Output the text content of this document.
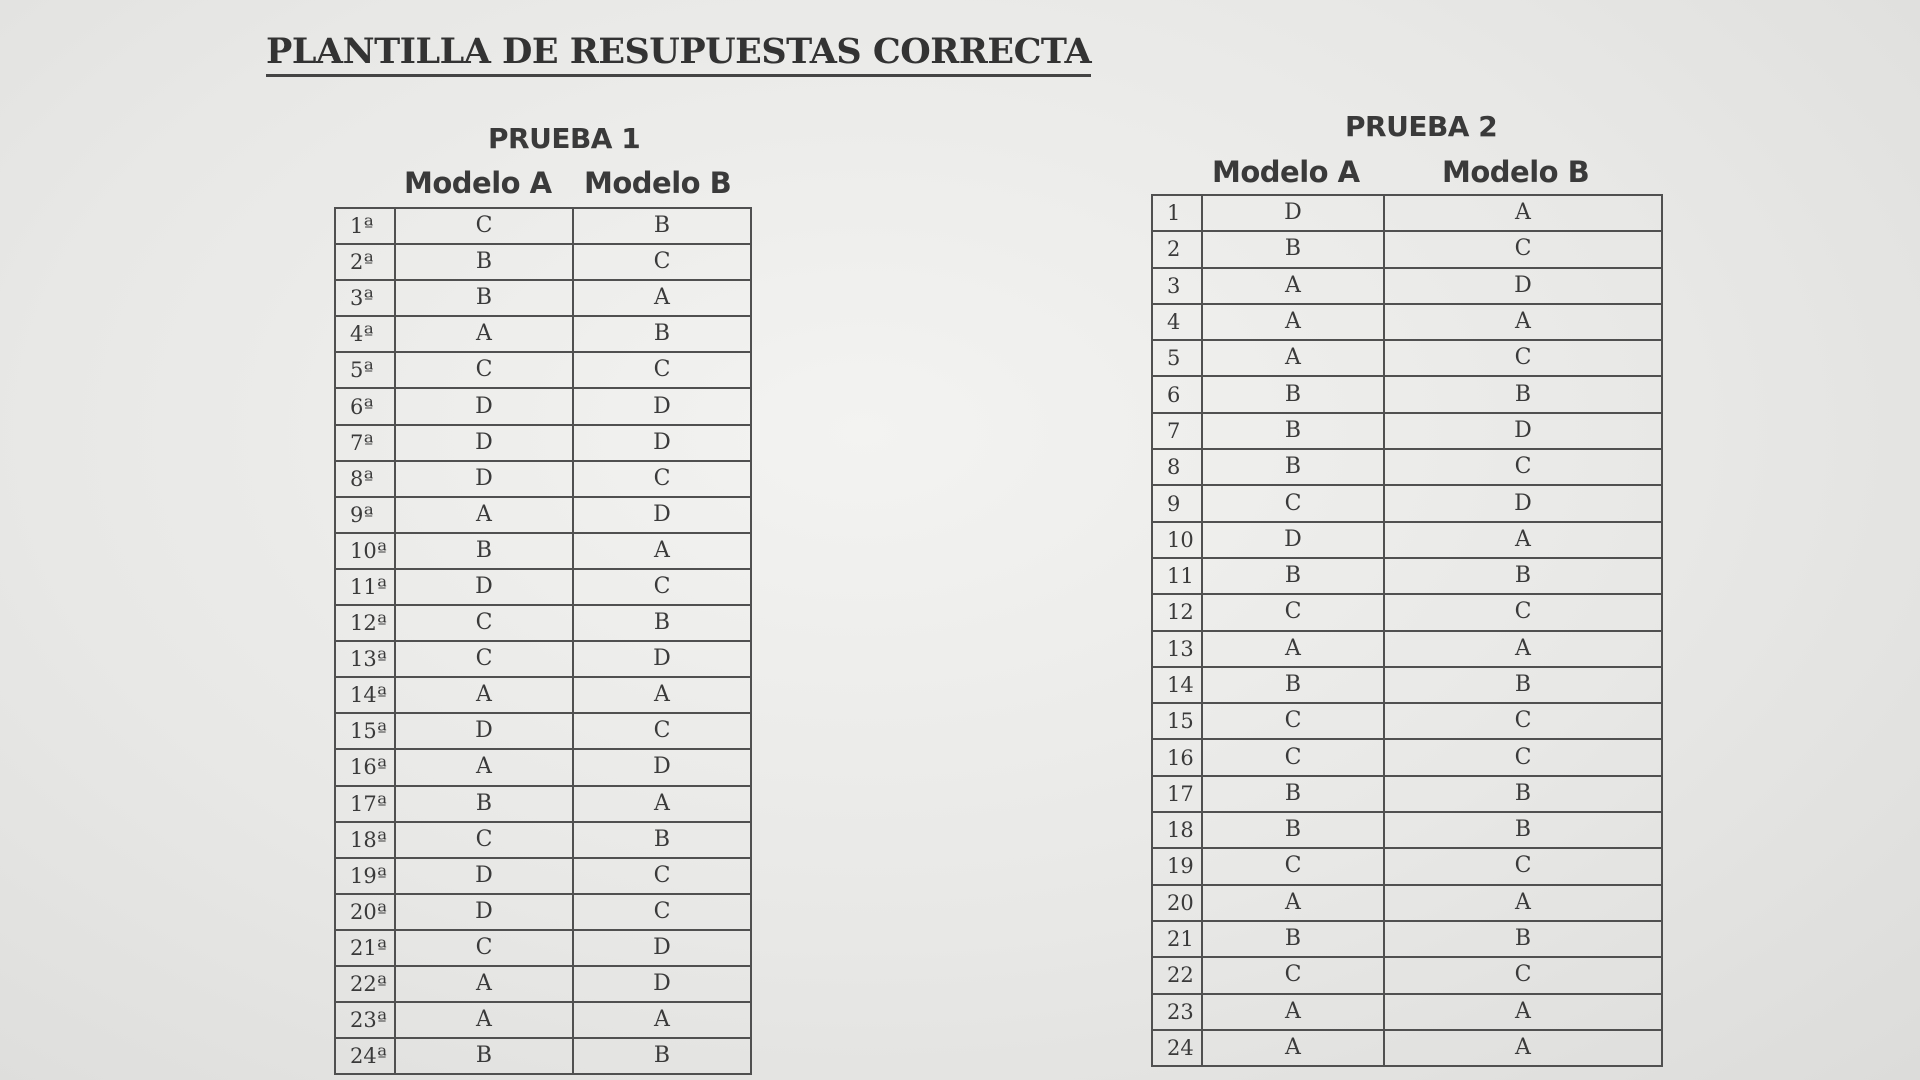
PLANTILLA DE RESUPUESTAS CORRECTA
PRUEBA 1
Modelo A Modelo B
1ª	C	B
2ª	B	C
3ª	B	A
4ª	A	B
5ª	C	C
6ª	D	D
7ª	D	D
8ª	D	C
9ª	A	D
10ª	B	A
11ª	D	C
12ª	C	B
13ª	C	D
14ª	A	A
15ª	D	C
16ª	A	D
17ª	B	A
18ª	C	B
19ª	D	C
20ª	D	C
21ª	C	D
22ª	A	D
23ª	A	A
24ª	B	B
PRUEBA 2
Modelo A	Modelo B
1	D	A
2	B	C
3	A	D
4	A	A
5	A	C
6	B	B
7	B	D
8	B	C
9	C	D
10	D	A
11	B	B
12	C	C
13	A	A
14	B	B
15	C	C
16	C	C
17	B	B
18	B	B
19	C	C
20	A	A
21	B	B
22	C	C
23	A	A
24	A	A
